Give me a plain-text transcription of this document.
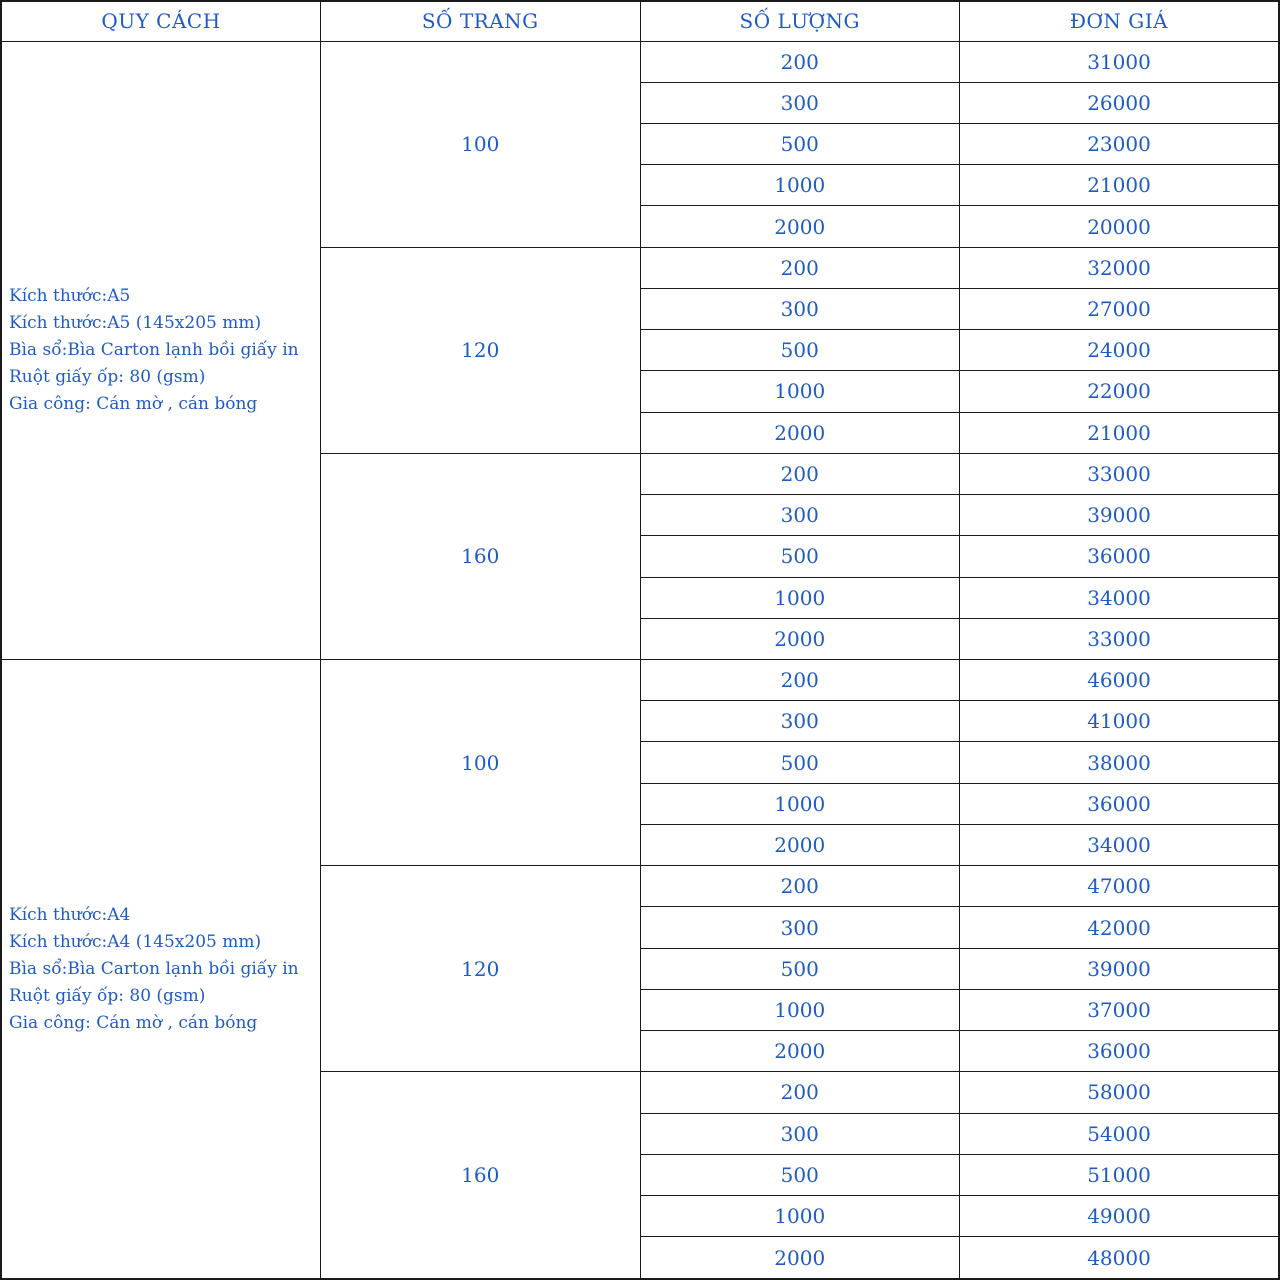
QUY CÁCH	SỐ TRANG	SỐ LƯỢNG	ĐƠN GIÁ

Kích thước:A5
Kích thước:A5 (145x205 mm)
Bìa sổ:Bìa Carton lạnh bồi giấy in
Ruột giấy ốp: 80 (gsm)
Gia công: Cán mờ , cán bóng	100	200	31000
		300	26000
		500	23000
		1000	21000
		2000	20000
	120	200	32000
		300	27000
		500	24000
		1000	22000
		2000	21000
	160	200	33000
		300	39000
		500	36000
		1000	34000
		2000	33000

Kích thước:A4
Kích thước:A4 (145x205 mm)
Bìa sổ:Bìa Carton lạnh bồi giấy in
Ruột giấy ốp: 80 (gsm)
Gia công: Cán mờ , cán bóng	100	200	46000
		300	41000
		500	38000
		1000	36000
		2000	34000
	120	200	47000
		300	42000
		500	39000
		1000	37000
		2000	36000
	160	200	58000
		300	54000
		500	51000
		1000	49000
		2000	48000
